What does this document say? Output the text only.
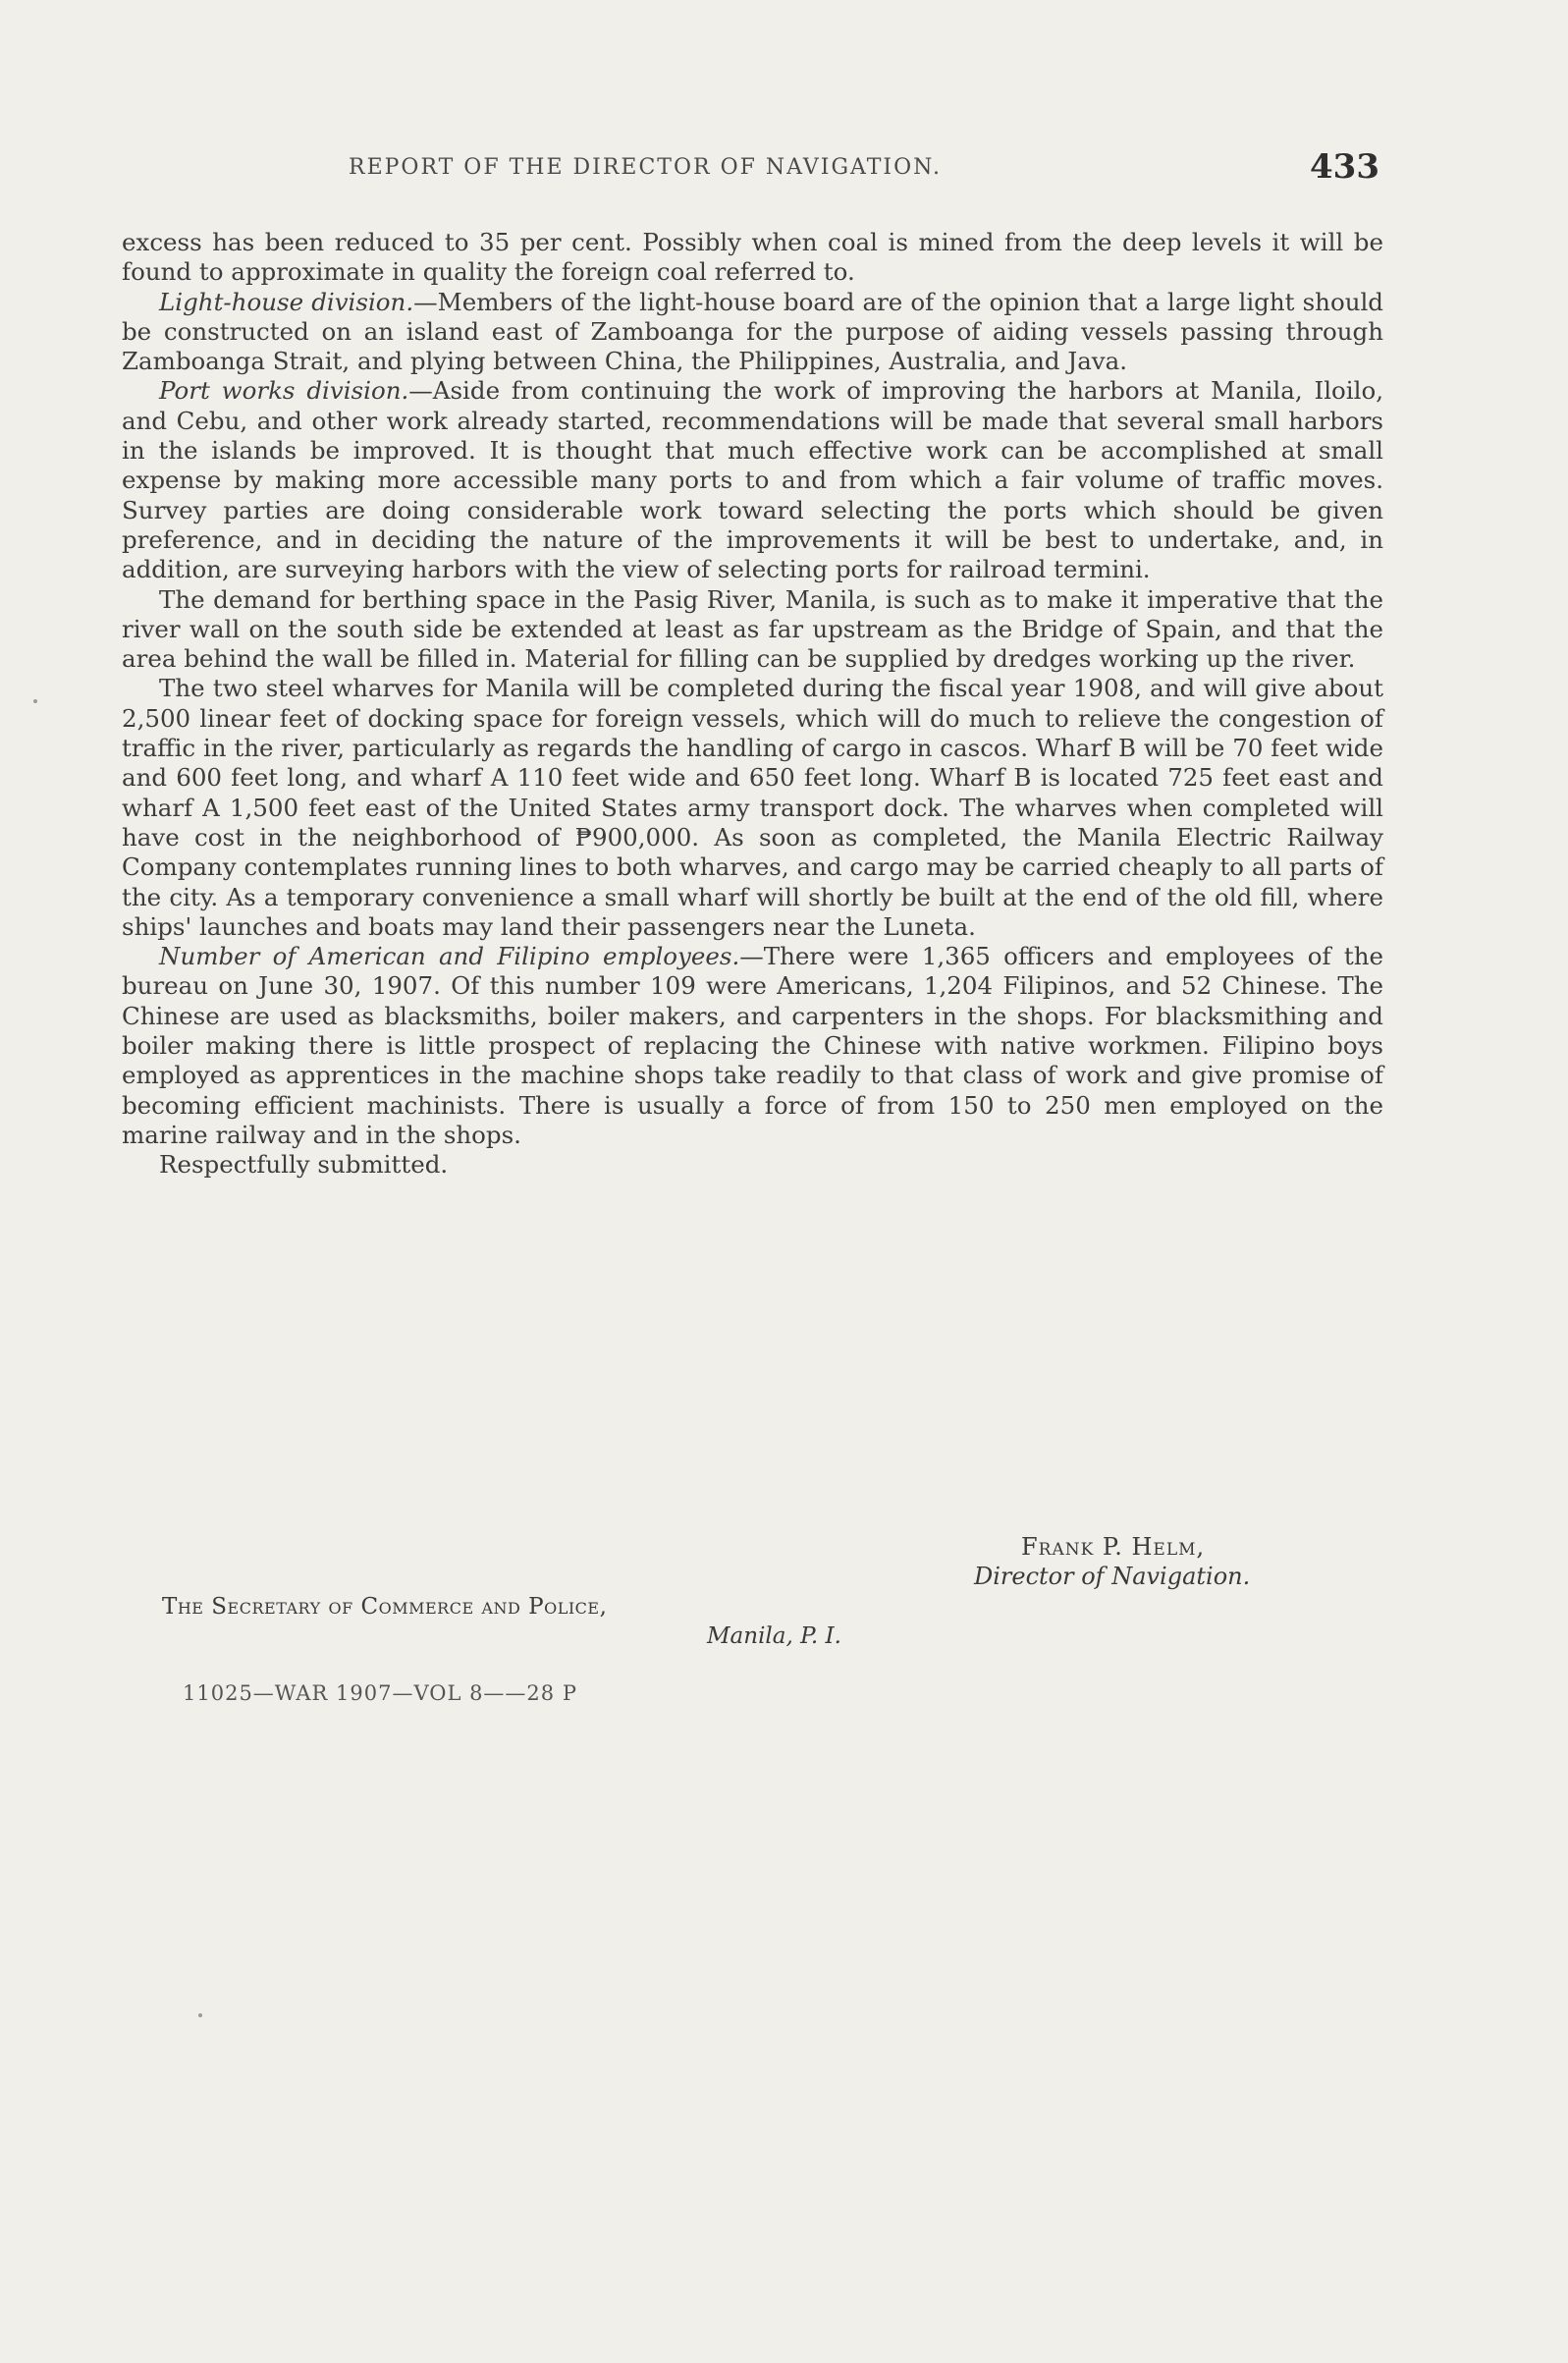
REPORT OF THE DIRECTOR OF NAVIGATION.	433

excess has been reduced to 35 per cent. Possibly when coal is mined from the deep levels it will be found to approximate in quality the foreign coal referred to.

Light-house division.—Members of the light-house board are of the opinion that a large light should be constructed on an island east of Zamboanga for the purpose of aiding vessels passing through Zamboanga Strait, and plying between China, the Philippines, Australia, and Java.

Port works division.—Aside from continuing the work of improving the harbors at Manila, Iloilo, and Cebu, and other work already started, recommendations will be made that several small harbors in the islands be improved. It is thought that much effective work can be accomplished at small expense by making more accessible many ports to and from which a fair volume of traffic moves. Survey parties are doing considerable work toward selecting the ports which should be given preference, and in deciding the nature of the improvements it will be best to undertake, and, in addition, are surveying harbors with the view of selecting ports for railroad termini.

The demand for berthing space in the Pasig River, Manila, is such as to make it imperative that the river wall on the south side be extended at least as far upstream as the Bridge of Spain, and that the area behind the wall be filled in. Material for filling can be supplied by dredges working up the river.

The two steel wharves for Manila will be completed during the fiscal year 1908, and will give about 2,500 linear feet of docking space for foreign vessels, which will do much to relieve the congestion of traffic in the river, particularly as regards the handling of cargo in cascos. Wharf B will be 70 feet wide and 600 feet long, and wharf A 110 feet wide and 650 feet long. Wharf B is located 725 feet east and wharf A 1,500 feet east of the United States army transport dock. The wharves when completed will have cost in the neighborhood of ₱900,000. As soon as completed, the Manila Electric Railway Company contemplates running lines to both wharves, and cargo may be carried cheaply to all parts of the city. As a temporary convenience a small wharf will shortly be built at the end of the old fill, where ships' launches and boats may land their passengers near the Luneta.

Number of American and Filipino employees.—There were 1,365 officers and employees of the bureau on June 30, 1907. Of this number 109 were Americans, 1,204 Filipinos, and 52 Chinese. The Chinese are used as blacksmiths, boiler makers, and carpenters in the shops. For blacksmithing and boiler making there is little prospect of replacing the Chinese with native workmen. Filipino boys employed as apprentices in the machine shops take readily to that class of work and give promise of becoming efficient machinists. There is usually a force of from 150 to 250 men employed on the marine railway and in the shops.

Respectfully submitted.

Frank P. Helm,
Director of Navigation.
The Secretary of Commerce and Police,
Manila, P. I.
11025—WAR 1907—VOL 8——28 P
